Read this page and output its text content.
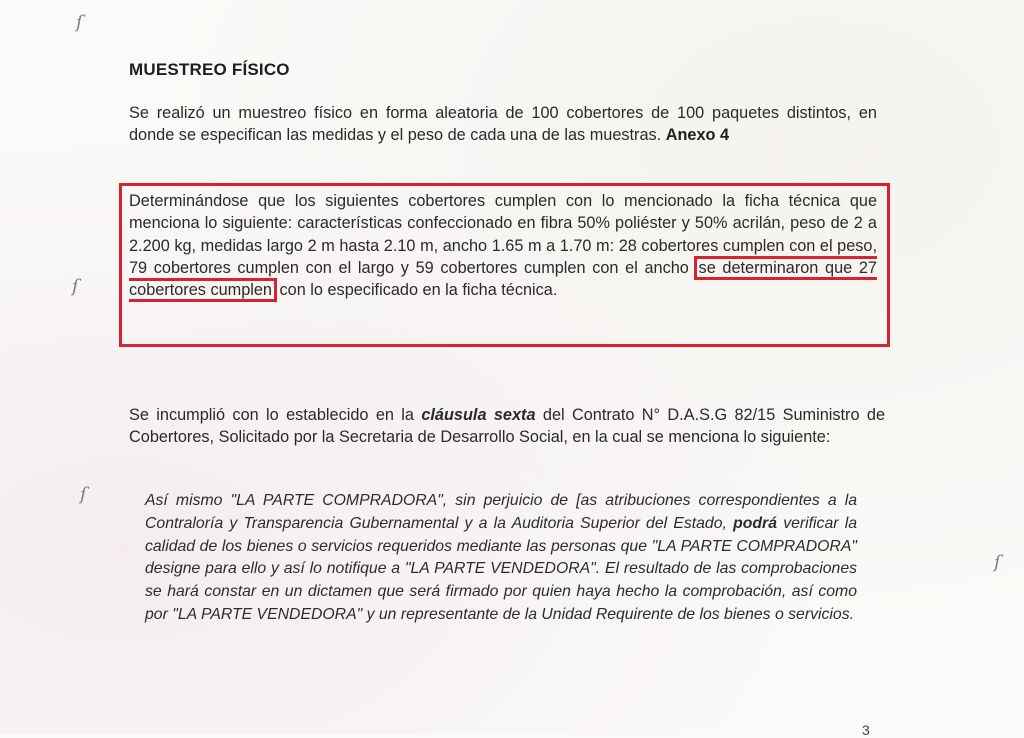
ſ
ſ
ſ
ſ
MUESTREO FÍSICO
Se realizó un muestreo físico en forma aleatoria de 100 cobertores de 100 paquetes distintos, en donde se especifican las medidas y el peso de cada una de las muestras. Anexo 4
Determinándose que los siguientes cobertores cumplen con lo mencionado la ficha técnica que menciona lo siguiente: características confeccionado en fibra 50% poliéster y 50% acrilán, peso de 2 a 2.200 kg, medidas largo 2 m hasta 2.10 m, ancho 1.65 m a 1.70 m: 28 cobertores cumplen con el peso, 79 cobertores cumplen con el largo y 59 cobertores cumplen con el ancho se determinaron que 27 cobertores cumplen con lo especificado en la ficha técnica.
Se incumplió con lo establecido en la cláusula sexta del Contrato N° D.A.S.G 82/15 Suministro de Cobertores, Solicitado por la Secretaria de Desarrollo Social, en la cual se menciona lo siguiente:
Así mismo "LA PARTE COMPRADORA", sin perjuicio de [as atribuciones correspondientes a la Contraloría y Transparencia Gubernamental y a la Auditoria Superior del Estado, podrá verificar la calidad de los bienes o servicios requeridos mediante las personas que "LA PARTE COMPRADORA" designe para ello y así lo notifique a "LA PARTE VENDEDORA". El resultado de las comprobaciones se hará constar en un dictamen que será firmado por quien haya hecho la comprobación, así como por "LA PARTE VENDEDORA" y un representante de la Unidad Requirente de los bienes o servicios.
3
